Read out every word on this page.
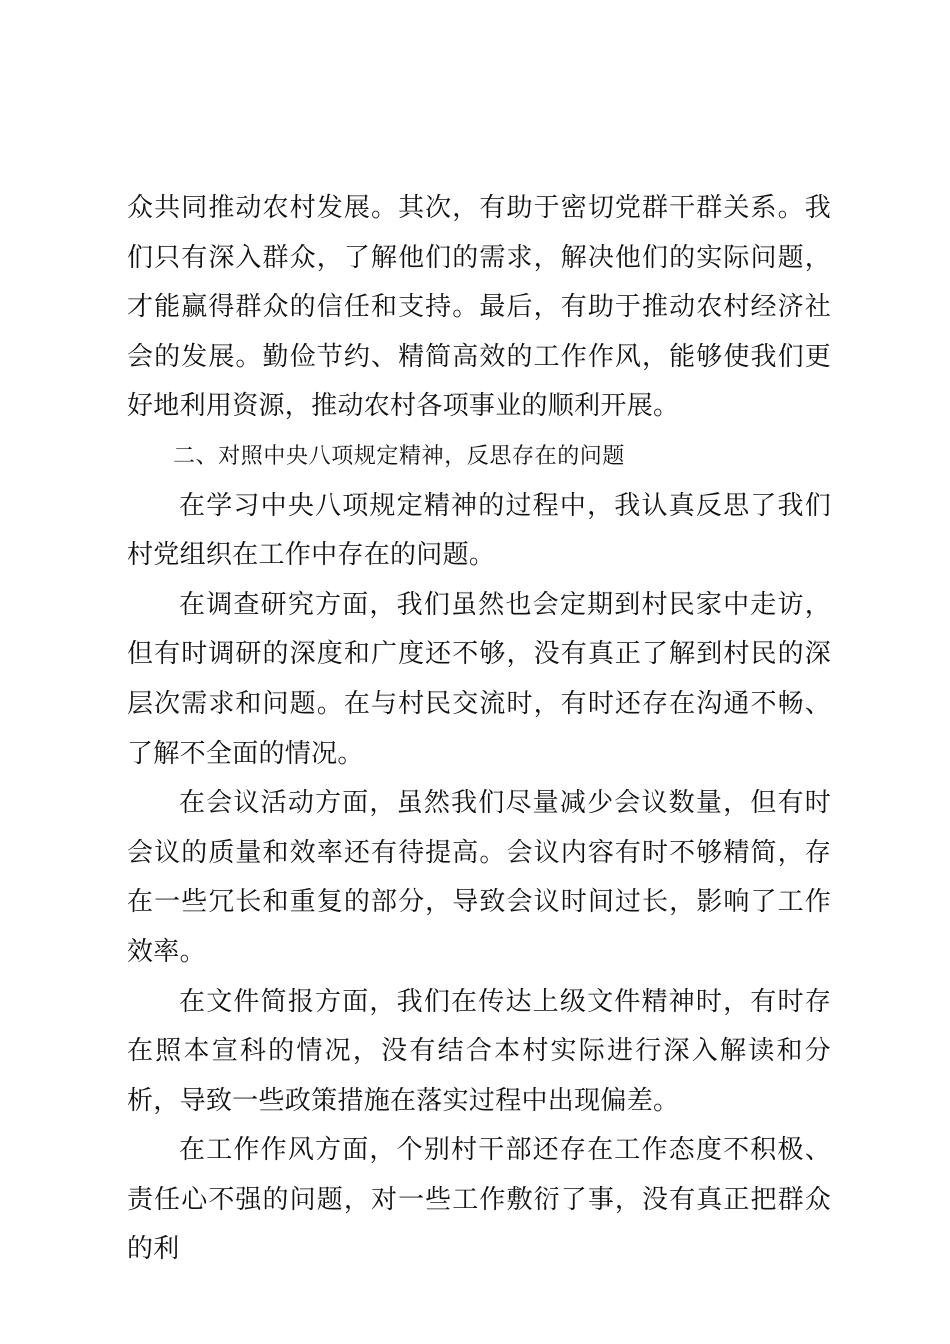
众共同推动农村发展。其次，有助于密切党群干群关系。我们只有深入群众，了解他们的需求，解决他们的实际问题，才能赢得群众的信任和支持。最后，有助于推动农村经济社会的发展。勤俭节约、精简高效的工作作风，能够使我们更好地利用资源，推动农村各项事业的顺利开展。

二、对照中央八项规定精神，反思存在的问题

在学习中央八项规定精神的过程中，我认真反思了我们村党组织在工作中存在的问题。

在调查研究方面，我们虽然也会定期到村民家中走访，但有时调研的深度和广度还不够，没有真正了解到村民的深层次需求和问题。在与村民交流时，有时还存在沟通不畅、了解不全面的情况。

在会议活动方面，虽然我们尽量减少会议数量，但有时会议的质量和效率还有待提高。会议内容有时不够精简，存在一些冗长和重复的部分，导致会议时间过长，影响了工作效率。

在文件简报方面，我们在传达上级文件精神时，有时存在照本宣科的情况，没有结合本村实际进行深入解读和分析，导致一些政策措施在落实过程中出现偏差。

在工作作风方面，个别村干部还存在工作态度不积极、责任心不强的问题，对一些工作敷衍了事，没有真正把群众的利
